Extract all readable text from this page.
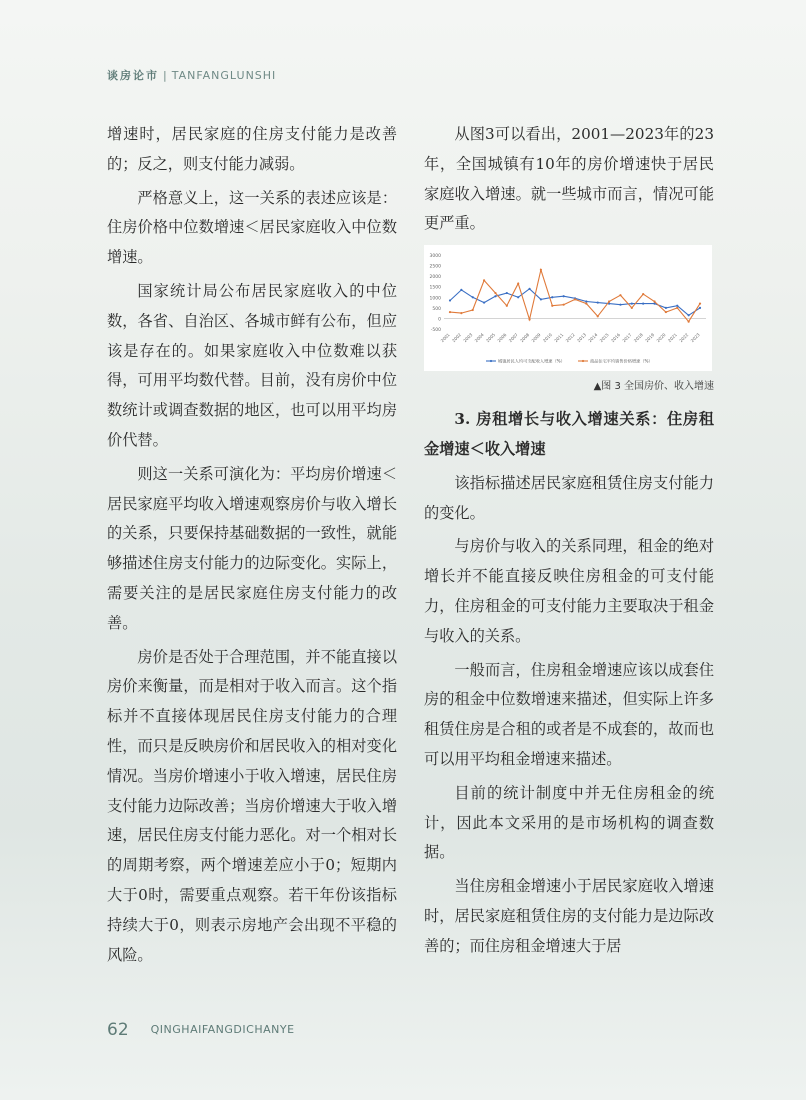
谈房论市 | TANFANGLUNSHI

增速时，居民家庭的住房支付能力是改善的；反之，则支付能力减弱。

严格意义上，这一关系的表述应该是：住房价格中位数增速＜居民家庭收入中位数增速。

国家统计局公布居民家庭收入的中位数，各省、自治区、各城市鲜有公布，但应该是存在的。如果家庭收入中位数难以获得，可用平均数代替。目前，没有房价中位数统计或调查数据的地区，也可以用平均房价代替。

则这一关系可演化为：平均房价增速＜居民家庭平均收入增速观察房价与收入增长的关系，只要保持基础数据的一致性，就能够描述住房支付能力的边际变化。实际上，需要关注的是居民家庭住房支付能力的改善。

房价是否处于合理范围，并不能直接以房价来衡量，而是相对于收入而言。这个指标并不直接体现居民住房支付能力的合理性，而只是反映房价和居民收入的相对变化情况。当房价增速小于收入增速，居民住房支付能力边际改善；当房价增速大于收入增速，居民住房支付能力恶化。对一个相对长的周期考察，两个增速差应小于0；短期内大于0时，需要重点观察。若干年份该指标持续大于0，则表示房地产会出现不平稳的风险。

从图3可以看出，2001—2023年的23年，全国城镇有10年的房价增速快于居民家庭收入增速。就一些城市而言，情况可能更严重。

3000
2500
2000
1500
1000
500
0
-500
2001 2002 2003 2004 2005 2006 2007 2008 2009 2010 2011 2012 2013 2014 2015 2016 2017 2018 2019 2020 2021 2022 2023
城镇居民人均可支配收入增速（%）	商品住宅平均销售价格增速（%）
▲图 3 全国房价、收入增速
3. 房租增长与收入增速关系：住房租金增速＜收入增速

该指标描述居民家庭租赁住房支付能力的变化。

与房价与收入的关系同理，租金的绝对增长并不能直接反映住房租金的可支付能力，住房租金的可支付能力主要取决于租金与收入的关系。

一般而言，住房租金增速应该以成套住房的租金中位数增速来描述，但实际上许多租赁住房是合租的或者是不成套的，故而也可以用平均租金增速来描述。

目前的统计制度中并无住房租金的统计，因此本文采用的是市场机构的调查数据。

当住房租金增速小于居民家庭收入增速时，居民家庭租赁住房的支付能力是边际改善的；而住房租金增速大于居

62 QINGHAIFANGDICHANYE
